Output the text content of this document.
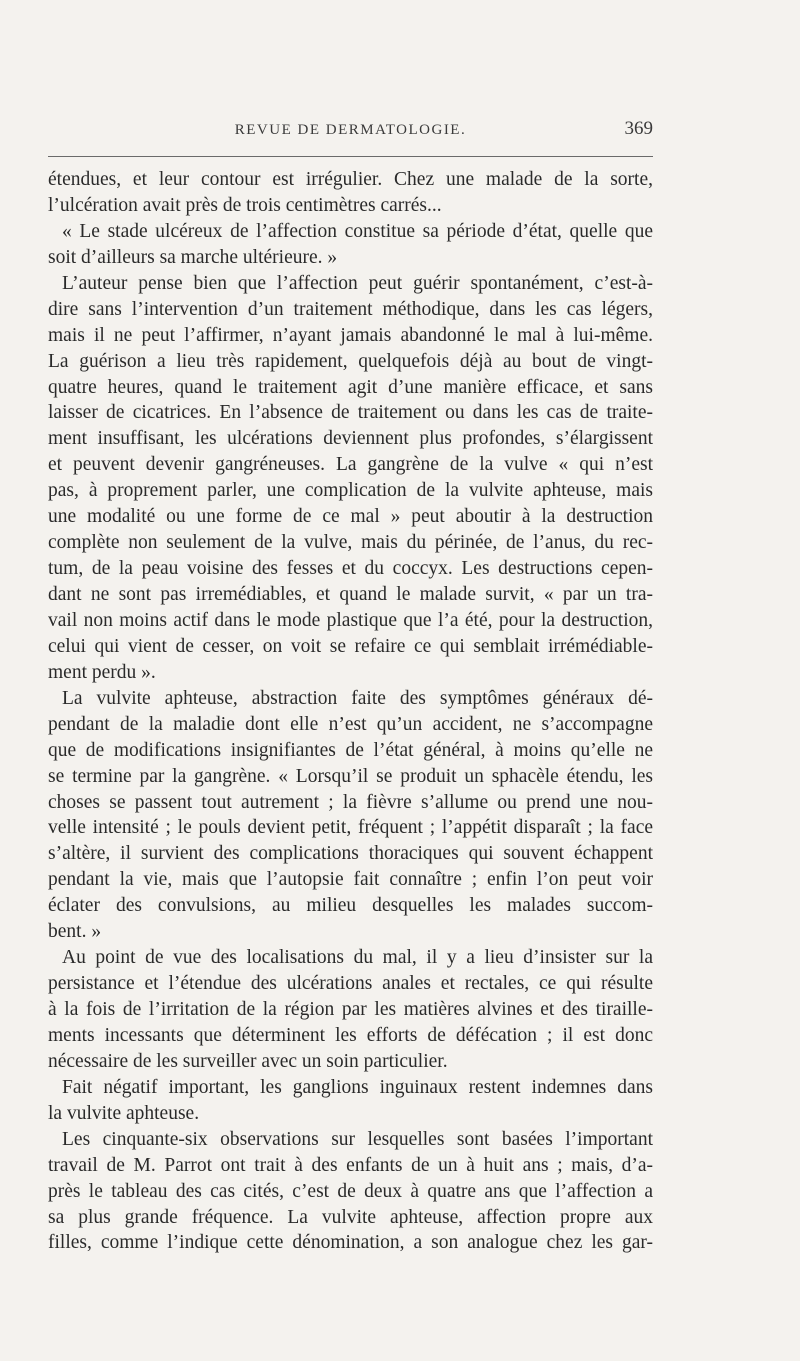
REVUE DE DERMATOLOGIE.	369
étendues, et leur contour est irrégulier. Chez une malade de la sorte,
l’ulcération avait près de trois centimètres carrés...
« Le stade ulcéreux de l’affection constitue sa période d’état, quelle que
soit d’ailleurs sa marche ultérieure. »
L’auteur pense bien que l’affection peut guérir spontanément, c’est-à-
dire sans l’intervention d’un traitement méthodique, dans les cas légers,
mais il ne peut l’affirmer, n’ayant jamais abandonné le mal à lui-même.
La guérison a lieu très rapidement, quelquefois déjà au bout de vingt-
quatre heures, quand le traitement agit d’une manière efficace, et sans
laisser de cicatrices. En l’absence de traitement ou dans les cas de traite-
ment insuffisant, les ulcérations deviennent plus profondes, s’élargissent
et peuvent devenir gangréneuses. La gangrène de la vulve « qui n’est
pas, à proprement parler, une complication de la vulvite aphteuse, mais
une modalité ou une forme de ce mal » peut aboutir à la destruction
complète non seulement de la vulve, mais du périnée, de l’anus, du rec-
tum, de la peau voisine des fesses et du coccyx. Les destructions cepen-
dant ne sont pas irremédiables, et quand le malade survit, « par un tra-
vail non moins actif dans le mode plastique que l’a été, pour la destruction,
celui qui vient de cesser, on voit se refaire ce qui semblait irrémédiable-
ment perdu ».
La vulvite aphteuse, abstraction faite des symptômes généraux dé-
pendant de la maladie dont elle n’est qu’un accident, ne s’accompagne
que de modifications insignifiantes de l’état général, à moins qu’elle ne
se termine par la gangrène. « Lorsqu’il se produit un sphacèle étendu, les
choses se passent tout autrement ; la fièvre s’allume ou prend une nou-
velle intensité ; le pouls devient petit, fréquent ; l’appétit disparaît ; la face
s’altère, il survient des complications thoraciques qui souvent échappent
pendant la vie, mais que l’autopsie fait connaître ; enfin l’on peut voir
éclater des convulsions, au milieu desquelles les malades succom-
bent. »
Au point de vue des localisations du mal, il y a lieu d’insister sur la
persistance et l’étendue des ulcérations anales et rectales, ce qui résulte
à la fois de l’irritation de la région par les matières alvines et des tiraille-
ments incessants que déterminent les efforts de défécation ; il est donc
nécessaire de les surveiller avec un soin particulier.
Fait négatif important, les ganglions inguinaux restent indemnes dans
la vulvite aphteuse.
Les cinquante-six observations sur lesquelles sont basées l’important
travail de M. Parrot ont trait à des enfants de un à huit ans ; mais, d’a-
près le tableau des cas cités, c’est de deux à quatre ans que l’affection a
sa plus grande fréquence. La vulvite aphteuse, affection propre aux
filles, comme l’indique cette dénomination, a son analogue chez les gar-
